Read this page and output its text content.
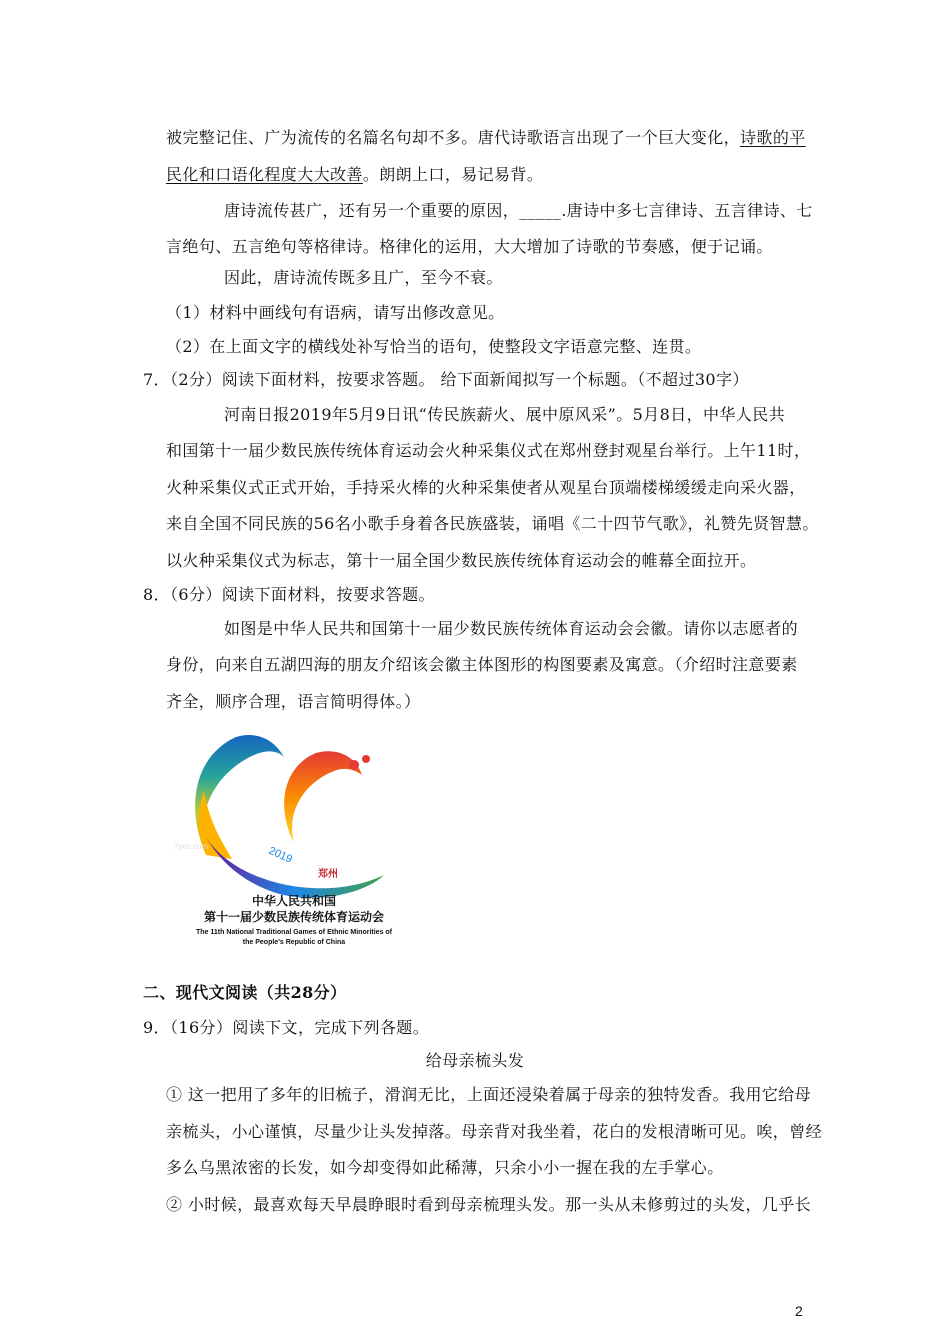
被完整记住、广为流传的名篇名句却不多。唐代诗歌语言出现了一个巨大变化，诗歌的平
民化和口语化程度大大改善。朗朗上口，易记易背。
唐诗流传甚广，还有另一个重要的原因，_____.唐诗中多七言律诗、五言律诗、七
言绝句、五言绝句等格律诗。格律化的运用，大大增加了诗歌的节奏感，便于记诵。
因此，唐诗流传既多且广，至今不衰。
（1）材料中画线句有语病，请写出修改意见。
（2）在上面文字的横线处补写恰当的语句，使整段文字语意完整、连贯。
7．（2分）阅读下面材料，按要求答题。 给下面新闻拟写一个标题。（不超过30字）
河南日报2019年5月9日讯“传民族薪火、展中原风采”。5月8日，中华人民共
和国第十一届少数民族传统体育运动会火种采集仪式在郑州登封观星台举行。上午11时，
火种采集仪式正式开始，手持采火棒的火种采集使者从观星台顶端楼梯缓缓走向采火器，
来自全国不同民族的56名小歌手身着各民族盛装，诵唱《二十四节气歌》，礼赞先贤智慧。
以火种采集仪式为标志，第十一届全国少数民族传统体育运动会的帷幕全面拉开。
8．（6分）阅读下面材料，按要求答题。
如图是中华人民共和国第十一届少数民族传统体育运动会会徽。请你以志愿者的
身份，向来自五湖四海的朋友介绍该会徽主体图形的构图要素及寓意。（介绍时注意要素
齐全，顺序合理，语言简明得体。）
2019
郑州
7yes.com
中华人民共和国
第十一届少数民族传统体育运动会
The 11th National Traditional Games of Ethnic Minorities of
the People's Republic of China
二、现代文阅读（共28分）
9．（16分）阅读下文，完成下列各题。
给母亲梳头发
① 这一把用了多年的旧梳子，滑润无比，上面还浸染着属于母亲的独特发香。我用它给母
亲梳头，小心谨慎，尽量少让头发掉落。母亲背对我坐着，花白的发根清晰可见。唉，曾经
多么乌黑浓密的长发，如今却变得如此稀薄，只余小小一握在我的左手掌心。
② 小时候，最喜欢每天早晨睁眼时看到母亲梳理头发。那一头从未修剪过的头发，几乎长
2
